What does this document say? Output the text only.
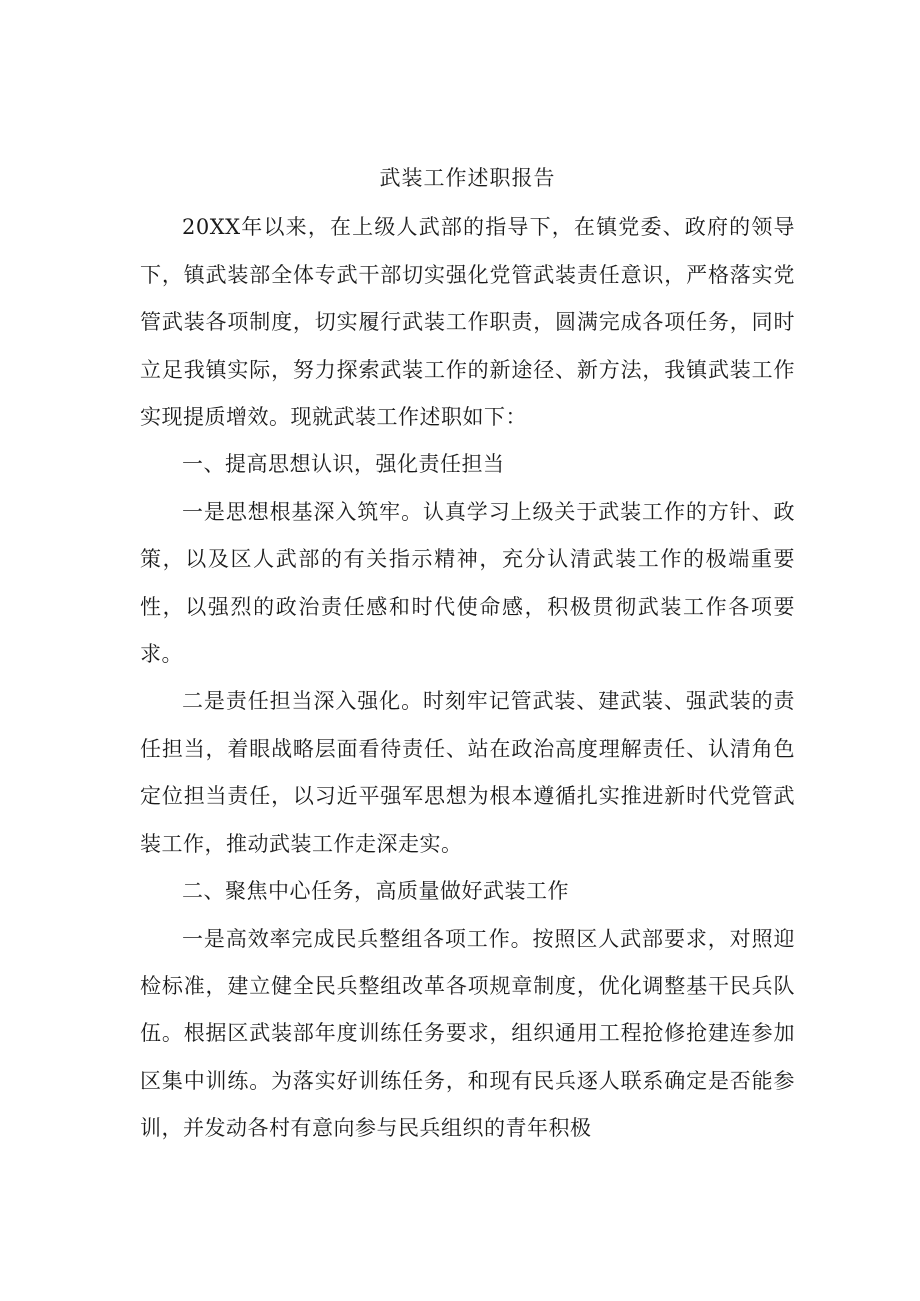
武装工作述职报告

20XX年以来，在上级人武部的指导下，在镇党委、政府的领导下，镇武装部全体专武干部切实强化党管武装责任意识，严格落实党管武装各项制度，切实履行武装工作职责，圆满完成各项任务，同时立足我镇实际，努力探索武装工作的新途径、新方法，我镇武装工作实现提质增效。现就武装工作述职如下：

一、提高思想认识，强化责任担当

一是思想根基深入筑牢。认真学习上级关于武装工作的方针、政策，以及区人武部的有关指示精神，充分认清武装工作的极端重要性，以强烈的政治责任感和时代使命感，积极贯彻武装工作各项要求。

二是责任担当深入强化。时刻牢记管武装、建武装、强武装的责任担当，着眼战略层面看待责任、站在政治高度理解责任、认清角色定位担当责任，以习近平强军思想为根本遵循扎实推进新时代党管武装工作，推动武装工作走深走实。

二、聚焦中心任务，高质量做好武装工作

一是高效率完成民兵整组各项工作。按照区人武部要求，对照迎检标准，建立健全民兵整组改革各项规章制度，优化调整基干民兵队伍。根据区武装部年度训练任务要求，组织通用工程抢修抢建连参加区集中训练。为落实好训练任务，和现有民兵逐人联系确定是否能参训，并发动各村有意向参与民兵组织的青年积极
